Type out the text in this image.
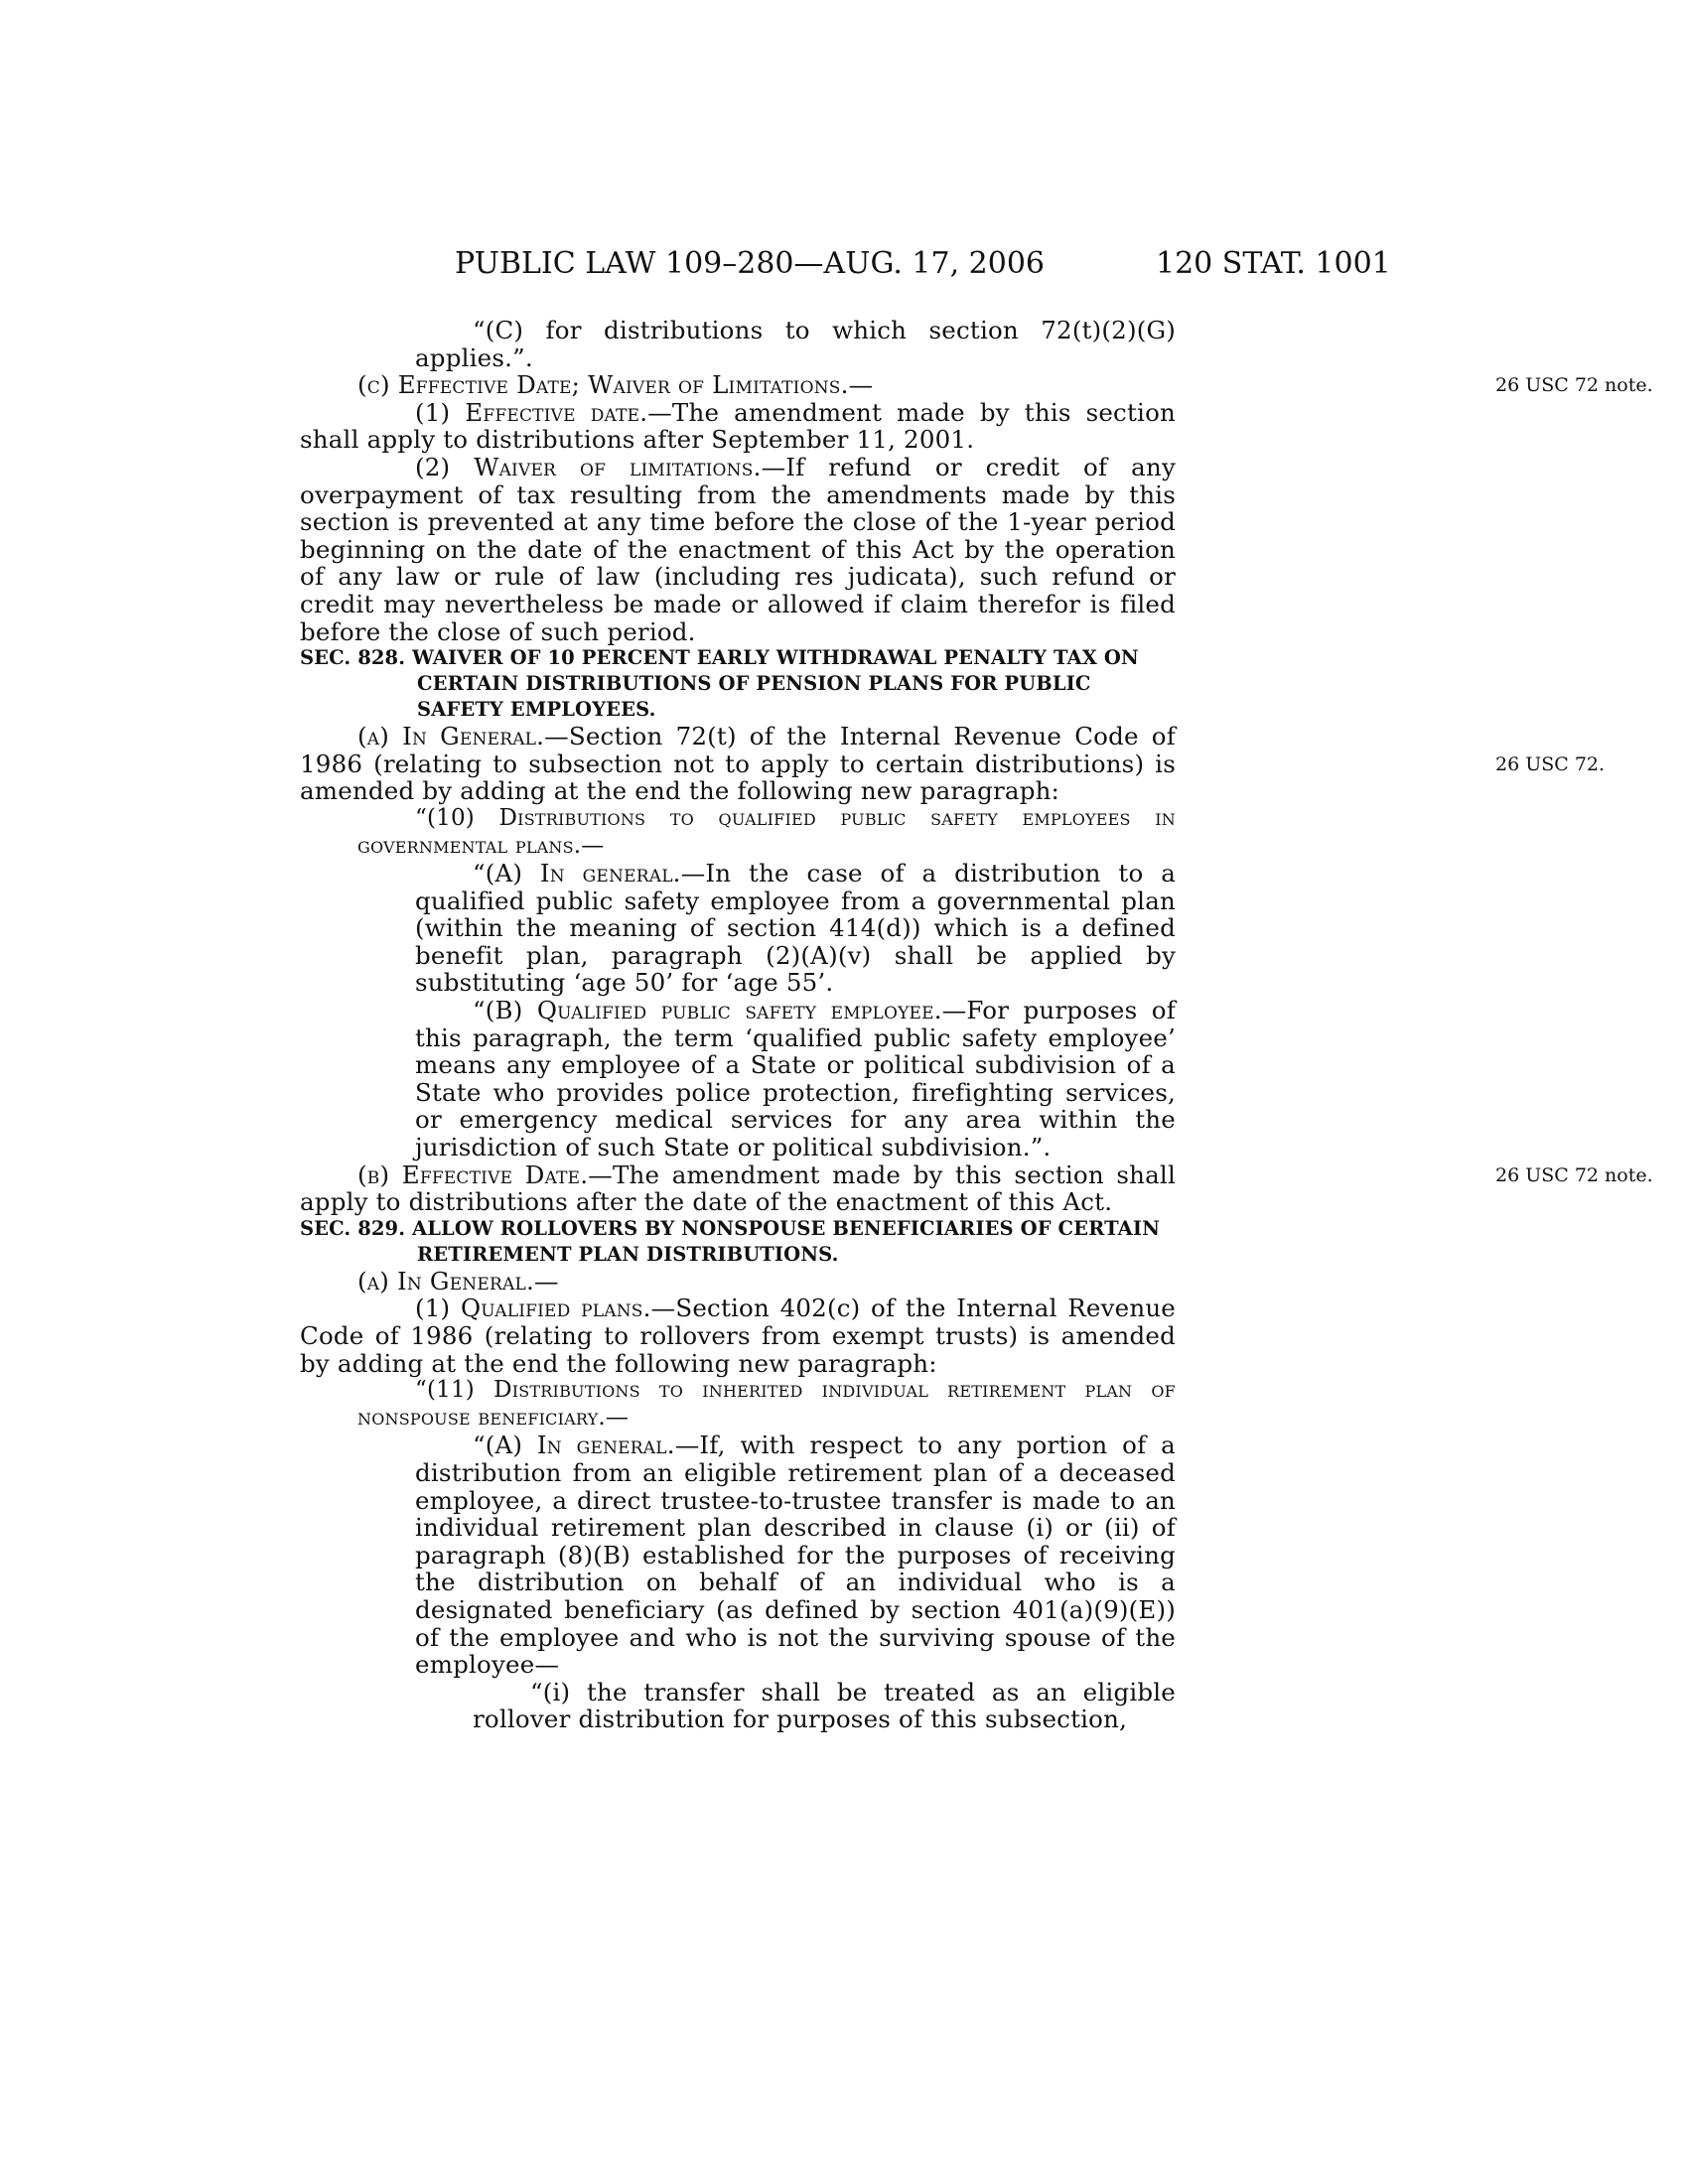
PUBLIC LAW 109–280—AUG. 17, 2006	120 STAT. 1001

“(C) for distributions to which section 72(t)(2)(G) applies.”.

(c) Effective Date; Waiver of Limitations.—	26 USC 72 note.

(1) Effective date.—The amendment made by this section shall apply to distributions after September 11, 2001.

(2) Waiver of limitations.—If refund or credit of any overpayment of tax resulting from the amendments made by this section is prevented at any time before the close of the 1-year period beginning on the date of the enactment of this Act by the operation of any law or rule of law (including res judicata), such refund or credit may nevertheless be made or allowed if claim therefor is filed before the close of such period.

SEC. 828. WAIVER OF 10 PERCENT EARLY WITHDRAWAL PENALTY TAX ON CERTAIN DISTRIBUTIONS OF PENSION PLANS FOR PUBLIC SAFETY EMPLOYEES.

(a) In General.—Section 72(t) of the Internal Revenue Code of 1986 (relating to subsection not to apply to certain distributions) is amended by adding at the end the following new paragraph:
26 USC 72.

“(10) Distributions to qualified public safety employees in governmental plans.—

“(A) In general.—In the case of a distribution to a qualified public safety employee from a governmental plan (within the meaning of section 414(d)) which is a defined benefit plan, paragraph (2)(A)(v) shall be applied by substituting ‘age 50’ for ‘age 55’.

“(B) Qualified public safety employee.—For purposes of this paragraph, the term ‘qualified public safety employee’ means any employee of a State or political subdivision of a State who provides police protection, firefighting services, or emergency medical services for any area within the jurisdiction of such State or political subdivision.”.

(b) Effective Date.—The amendment made by this section shall apply to distributions after the date of the enactment of this Act.
26 USC 72 note.

SEC. 829. ALLOW ROLLOVERS BY NONSPOUSE BENEFICIARIES OF CERTAIN RETIREMENT PLAN DISTRIBUTIONS.

(a) In General.—

(1) Qualified plans.—Section 402(c) of the Internal Revenue Code of 1986 (relating to rollovers from exempt trusts) is amended by adding at the end the following new paragraph:

“(11) Distributions to inherited individual retirement plan of nonspouse beneficiary.—

“(A) In general.—If, with respect to any portion of a distribution from an eligible retirement plan of a deceased employee, a direct trustee-to-trustee transfer is made to an individual retirement plan described in clause (i) or (ii) of paragraph (8)(B) established for the purposes of receiving the distribution on behalf of an individual who is a designated beneficiary (as defined by section 401(a)(9)(E)) of the employee and who is not the surviving spouse of the employee—

“(i) the transfer shall be treated as an eligible rollover distribution for purposes of this subsection,
